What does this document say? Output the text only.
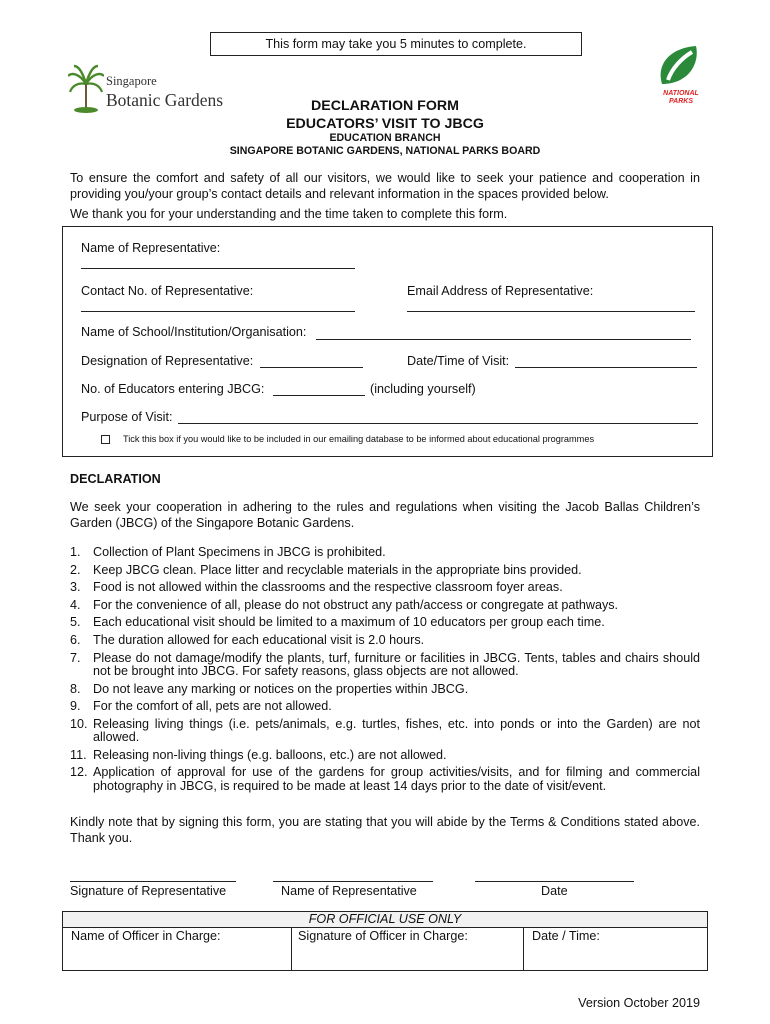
This form may take you 5 minutes to complete.
Singapore
Botanic Gardens	NATIONAL
PARKS
DECLARATION FORM
EDUCATORS’ VISIT TO JBCG
EDUCATION BRANCH
SINGAPORE BOTANIC GARDENS, NATIONAL PARKS BOARD
To ensure the comfort and safety of all our visitors, we would like to seek your patience and cooperation in providing you/your group’s contact details and relevant information in the spaces provided below.
We thank you for your understanding and the time taken to complete this form.
Name of Representative:
Contact No. of Representative:	Email Address of Representative:
Name of School/Institution/Organisation:
Designation of Representative:	Date/Time of Visit:
No. of Educators entering JBCG:	(including yourself)
Purpose of Visit:
Tick this box if you would like to be included in our emailing database to be informed about educational programmes
DECLARATION
We seek your cooperation in adhering to the rules and regulations when visiting the Jacob Ballas Children’s Garden (JBCG) of the Singapore Botanic Gardens.
1. Collection of Plant Specimens in JBCG is prohibited.
2. Keep JBCG clean. Place litter and recyclable materials in the appropriate bins provided.
3. Food is not allowed within the classrooms and the respective classroom foyer areas.
4. For the convenience of all, please do not obstruct any path/access or congregate at pathways.
5. Each educational visit should be limited to a maximum of 10 educators per group each time.
6. The duration allowed for each educational visit is 2.0 hours.
7. Please do not damage/modify the plants, turf, furniture or facilities in JBCG. Tents, tables and chairs should not be brought into JBCG. For safety reasons, glass objects are not allowed.
8. Do not leave any marking or notices on the properties within JBCG.
9. For the comfort of all, pets are not allowed.
10. Releasing living things (i.e. pets/animals, e.g. turtles, fishes, etc. into ponds or into the Garden) are not allowed.
11. Releasing non-living things (e.g. balloons, etc.) are not allowed.
12. Application of approval for use of the gardens for group activities/visits, and for filming and commercial photography in JBCG, is required to be made at least 14 days prior to the date of visit/event.
Kindly note that by signing this form, you are stating that you will abide by the Terms & Conditions stated above. Thank you.
Signature of Representative	Name of Representative	Date
FOR OFFICIAL USE ONLY
Name of Officer in Charge:	Signature of Officer in Charge:	Date / Time:
Version October 2019
